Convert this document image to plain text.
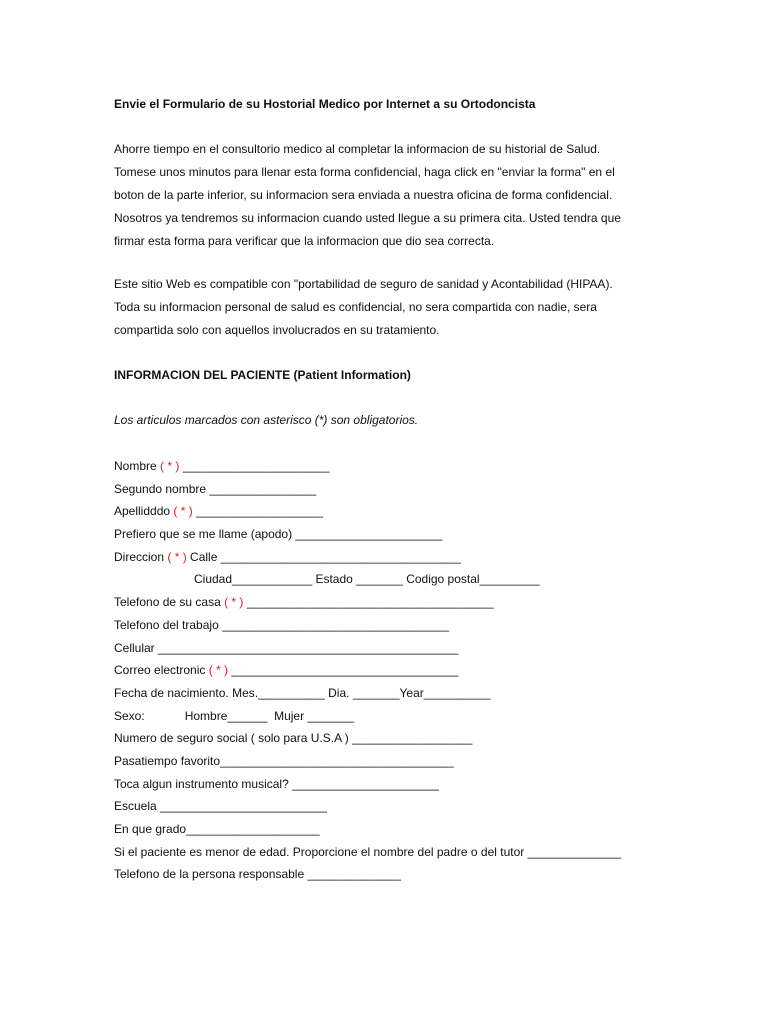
Envie el Formulario de su Hostorial Medico por Internet a su Ortodoncista

Ahorre tiempo en el consultorio medico al completar la informacion de su historial de Salud.

Tomese unos minutos para llenar esta forma confidencial, haga click en "enviar la forma" en el

boton de la parte inferior, su informacion sera enviada a nuestra oficina de forma confidencial.

Nosotros ya tendremos su informacion cuando usted llegue a su primera cita. Usted tendra que

firmar esta forma para verificar que la informacion que dio sea correcta.

Este sitio Web es compatible con "portabilidad de seguro de sanidad y Acontabilidad (HIPAA).

Toda su informacion personal de salud es confidencial, no sera compartida con nadie, sera

compartida solo con aquellos involucrados en su tratamiento.

INFORMACION DEL PACIENTE (Patient Information)
Los articulos marcados con asterisco (*) son obligatorios.
Nombre ( * ) ______________________
Segundo nombre ________________
Apellidddo ( * ) ___________________
Prefiero que se me llame (apodo) ______________________
Direccion ( * ) Calle ____________________________________
Ciudad____________ Estado _______ Codigo postal_________
Telefono de su casa ( * ) _____________________________________
Telefono del trabajo __________________________________
Cellular _____________________________________________
Correo electronic ( * ) __________________________________
Fecha de nacimiento. Mes.__________ Dia. _______Year__________
Sexo:            Hombre______  Mujer _______
Numero de seguro social ( solo para U.S.A ) __________________
Pasatiempo favorito___________________________________
Toca algun instrumento musical? ______________________
Escuela _________________________
En que grado____________________
Si el paciente es menor de edad. Proporcione el nombre del padre o del tutor ______________
Telefono de la persona responsable ______________
